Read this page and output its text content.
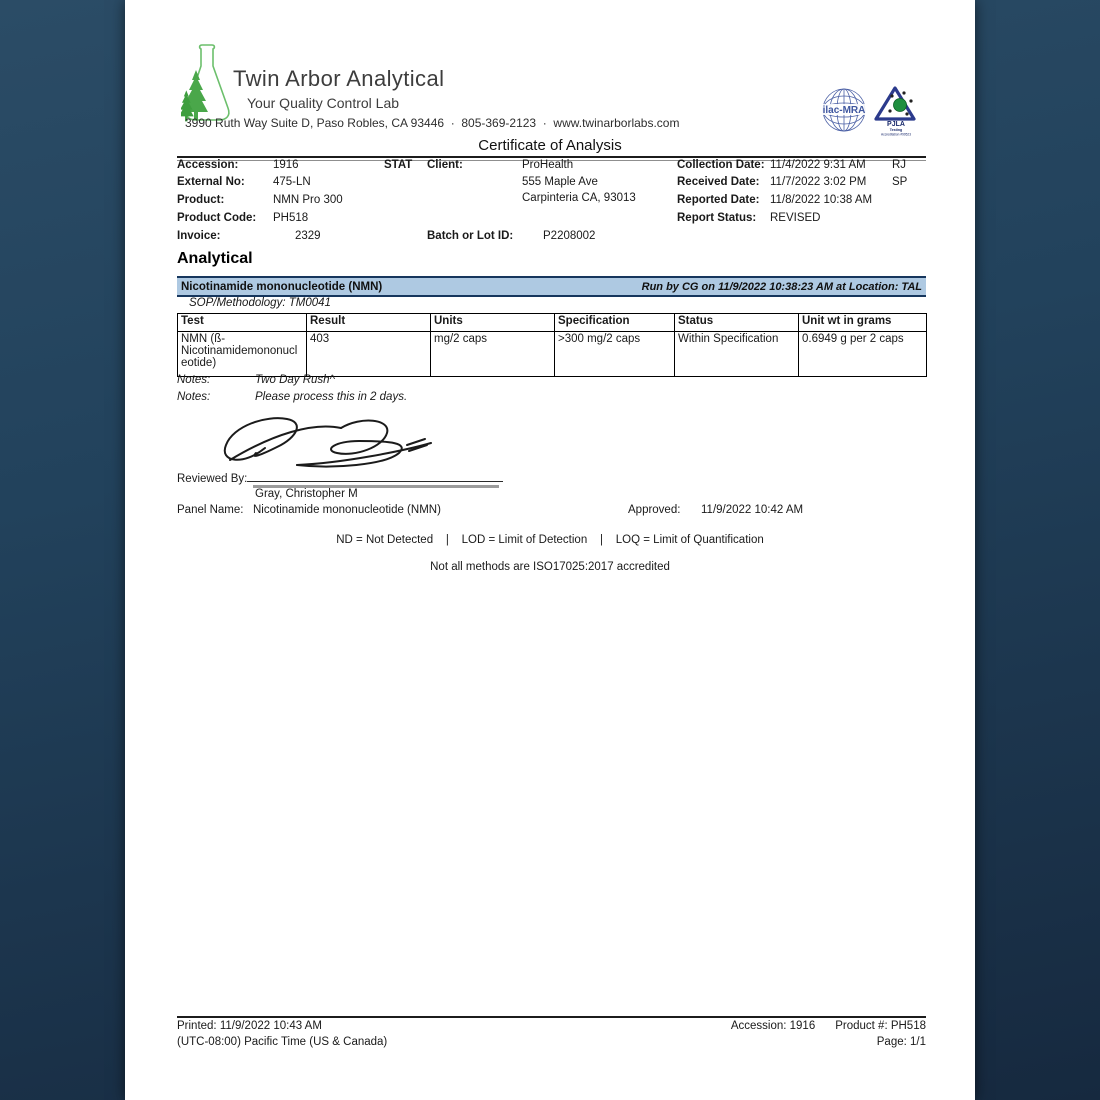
Twin Arbor Analytical
Your Quality Control Lab
3990 Ruth Way Suite D, Paso Robles, CA 93446  ·  805-369-2123  ·  www.twinarborlabs.com
ilac-MRA
PJLA
Testing
Accreditation #99523
Certificate of Analysis
Accession:	1916	STAT Client:	ProHealth	Collection Date: 11/4/2022 9:31 AM RJ
External No: 475-LN	555 Maple Ave	Received Date: 11/7/2022 3:02 PM SP
Product:	NMN Pro 300	Carpinteria CA, 93013	Reported Date: 11/8/2022 10:38 AM
Product Code: PH518	Report Status: REVISED
Invoice:	2329	Batch or Lot ID:	P2208002
Analytical
Nicotinamide mononucleotide (NMN)	Run by CG on 11/9/2022 10:38:23 AM at Location: TAL
SOP/Methodology: TM0041
Test	Result	Units	Specification	Status	Unit wt in grams
NMN (ß-Nicotinamidemononucleotide)	403	mg/2 caps	>300 mg/2 caps	Within Specification	0.6949 g per 2 caps
Notes:	Two Day Rush^
Notes:	Please process this in 2 days.
Reviewed By:
Gray, Christopher M
Panel Name: Nicotinamide mononucleotide (NMN)	Approved: 11/9/2022 10:42 AM
ND = Not Detected    |    LOD = Limit of Detection    |    LOQ = Limit of Quantification
Not all methods are ISO17025:2017 accredited
Printed: 11/9/2022 10:43 AM
(UTC-08:00) Pacific Time (US & Canada)
Accession: 1916 Product #: PH518
Page: 1/1
